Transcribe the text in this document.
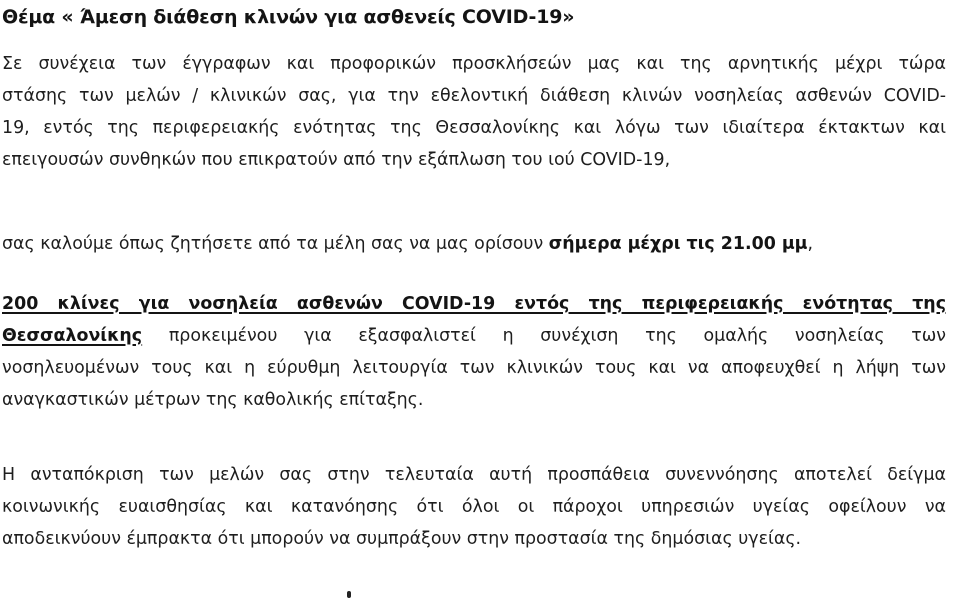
Θέμα « Άμεση διάθεση κλινών για ασθενείς COVID-19»
Σε συνέχεια των έγγραφων και προφορικών προσκλήσεών μας και της αρνητικής μέχρι τώρα
στάσης των μελών / κλινικών σας, για την εθελοντική διάθεση κλινών νοσηλείας ασθενών COVID-
19, εντός της περιφερειακής ενότητας της Θεσσαλονίκης και λόγω των ιδιαίτερα έκτακτων και
επειγουσών συνθηκών που επικρατούν από την εξάπλωση του ιού COVID-19,
σας καλούμε όπως ζητήσετε από τα μέλη σας να μας ορίσουν σήμερα μέχρι τις 21.00 μμ,
200 κλίνες για νοσηλεία ασθενών COVID-19 εντός της περιφερειακής ενότητας της
Θεσσαλονίκης προκειμένου για εξασφαλιστεί η συνέχιση της ομαλής νοσηλείας των
νοσηλευομένων τους και η εύρυθμη λειτουργία των κλινικών τους και να αποφευχθεί η λήψη των
αναγκαστικών μέτρων της καθολικής επίταξης.
Η ανταπόκριση των μελών σας στην τελευταία αυτή προσπάθεια συνεννόησης αποτελεί δείγμα
κοινωνικής ευαισθησίας και κατανόησης ότι όλοι οι πάροχοι υπηρεσιών υγείας οφείλουν να
αποδεικνύουν έμπρακτα ότι μπορούν να συμπράξουν στην προστασία της δημόσιας υγείας.
